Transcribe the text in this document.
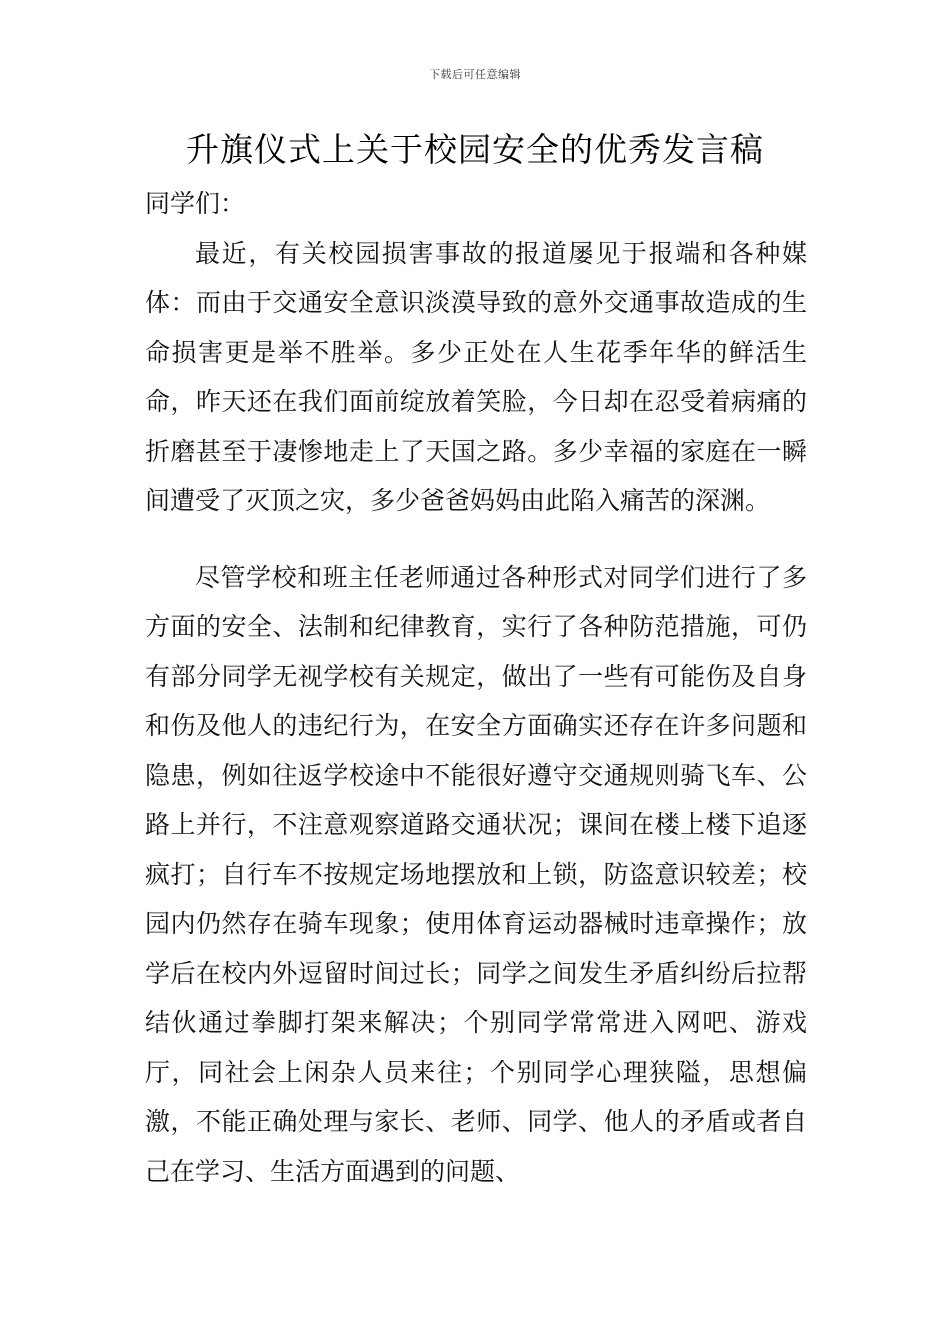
下载后可任意编辑
升旗仪式上关于校园安全的优秀发言稿

同学们：

最近，有关校园损害事故的报道屡见于报端和各种媒体：而由于交通安全意识淡漠导致的意外交通事故造成的生命损害更是举不胜举。多少正处在人生花季年华的鲜活生命，昨天还在我们面前绽放着笑脸，今日却在忍受着病痛的折磨甚至于凄惨地走上了天国之路。多少幸福的家庭在一瞬间遭受了灭顶之灾，多少爸爸妈妈由此陷入痛苦的深渊。

尽管学校和班主任老师通过各种形式对同学们进行了多方面的安全、法制和纪律教育，实行了各种防范措施，可仍有部分同学无视学校有关规定，做出了一些有可能伤及自身和伤及他人的违纪行为，在安全方面确实还存在许多问题和隐患，例如往返学校途中不能很好遵守交通规则骑飞车、公路上并行，不注意观察道路交通状况；课间在楼上楼下追逐疯打；自行车不按规定场地摆放和上锁，防盗意识较差；校园内仍然存在骑车现象；使用体育运动器械时违章操作；放学后在校内外逗留时间过长；同学之间发生矛盾纠纷后拉帮结伙通过拳脚打架来解决；个别同学常常进入网吧、游戏厅，同社会上闲杂人员来往；个别同学心理狭隘，思想偏激，不能正确处理与家长、老师、同学、他人的矛盾或者自己在学习、生活方面遇到的问题、
